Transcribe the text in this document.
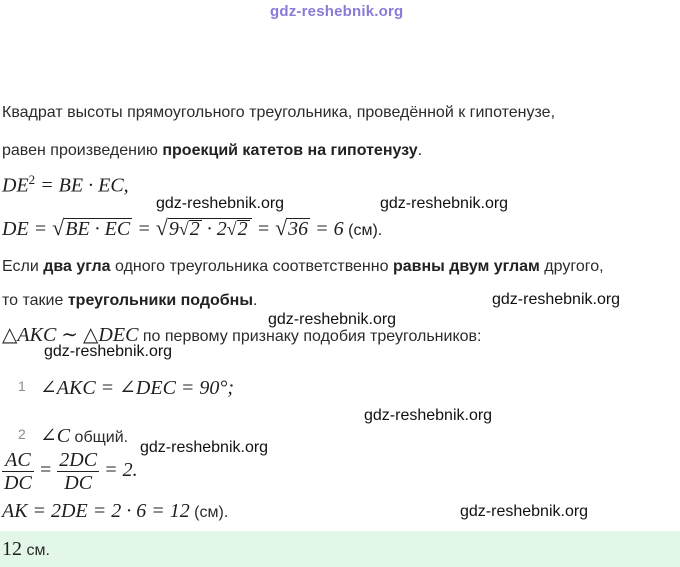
gdz-reshebnik.org
Квадрат высоты прямоугольного треугольника, проведённой к гипотенузе,
равен произведению проекций катетов на гипотенузу.
$DE^2$ = BE · EC,
DE = √BE · EC = √9√2 · 2√2 = √36 = 6 (см).
Если два угла одного треугольника соответственно равны двум углам другого,
то такие треугольники подобны.
△AKC ∼ △DEC по первому признаку подобия треугольников:
1 ∠AKC = ∠DEC = 90°;
2 ∠C общий.
$\frac{AC}{DC} = \frac{2DC}{DC} = 2$.
AK = 2DE = 2 · 6 = 12 (см).
12 см.
gdz-reshebnik.org	gdz-reshebnik.org
gdz-reshebnik.org
gdz-reshebnik.org
gdz-reshebnik.org
gdz-reshebnik.org
gdz-reshebnik.org
gdz-reshebnik.org
